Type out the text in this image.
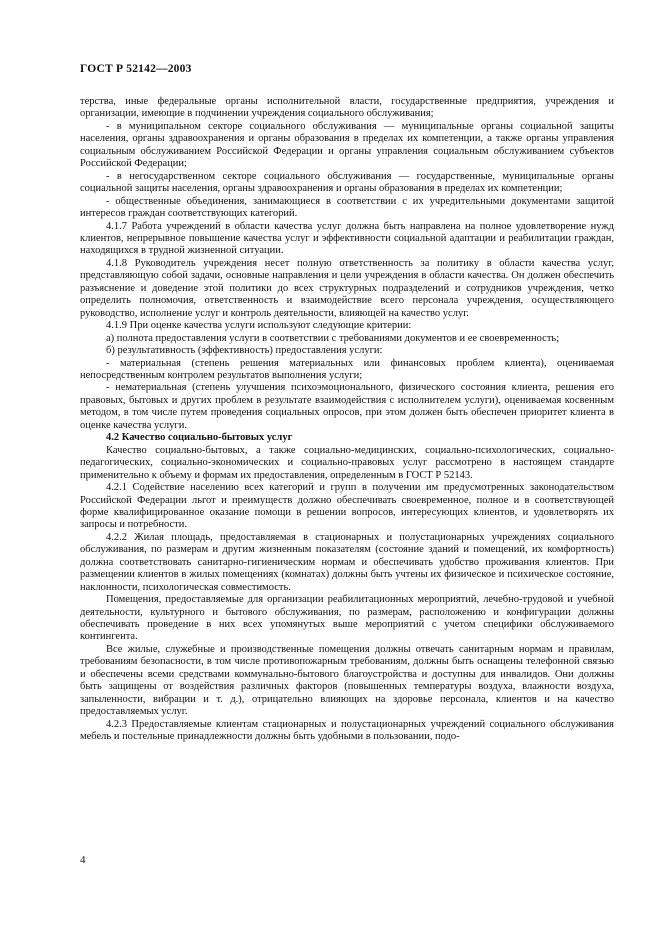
ГОСТ Р 52142—2003

терства, иные федеральные органы исполнительной власти, государственные предприятия, учреждения и организации, имеющие в подчинении учреждения социального обслуживания;

- в муниципальном секторе социального обслуживания — муниципальные органы социальной защиты населения, органы здравоохранения и органы образования в пределах их компетенции, а также органы управления социальным обслуживанием Российской Федерации и органы управления социальным обслуживанием субъектов Российской Федерации;

- в негосударственном секторе социального обслуживания — государственные, муниципальные органы социальной защиты населения, органы здравоохранения и органы образования в пределах их компетенции;

- общественные объединения, занимающиеся в соответствии с их учредительными документами защитой интересов граждан соответствующих категорий.

4.1.7 Работа учреждений в области качества услуг должна быть направлена на полное удовлетворение нужд клиентов, непрерывное повышение качества услуг и эффективности социальной адаптации и реабилитации граждан, находящихся в трудной жизненной ситуации.

4.1.8 Руководитель учреждения несет полную ответственность за политику в области качества услуг, представляющую собой задачи, основные направления и цели учреждения в области качества. Он должен обеспечить разъяснение и доведение этой политики до всех структурных подразделений и сотрудников учреждения, четко определить полномочия, ответственность и взаимодействие всего персонала учреждения, осуществляющего руководство, исполнение услуг и контроль деятельности, влияющей на качество услуг.

4.1.9 При оценке качества услуги используют следующие критерии:

а) полнота предоставления услуги в соответствии с требованиями документов и ее своевременность;

б) результативность (эффективность) предоставления услуги:

- материальная (степень решения материальных или финансовых проблем клиента), оцениваемая непосредственным контролем результатов выполнения услуги;

- нематериальная (степень улучшения психоэмоционального, физического состояния клиента, решения его правовых, бытовых и других проблем в результате взаимодействия с исполнителем услуги), оцениваемая косвенным методом, в том числе путем проведения социальных опросов, при этом должен быть обеспечен приоритет клиента в оценке качества услуги.

4.2 Качество социально-бытовых услуг

Качество социально-бытовых, а также социально-медицинских, социально-психологических, социально-педагогических, социально-экономических и социально-правовых услуг рассмотрено в настоящем стандарте применительно к объему и формам их предоставления, определенным в ГОСТ Р 52143.

4.2.1 Содействие населению всех категорий и групп в получении им предусмотренных законодательством Российской Федерации льгот и преимуществ должно обеспечивать своевременное, полное и в соответствующей форме квалифицированное оказание помощи в решении вопросов, интересующих клиентов, и удовлетворять их запросы и потребности.

4.2.2 Жилая площадь, предоставляемая в стационарных и полустационарных учреждениях социального обслуживания, по размерам и другим жизненным показателям (состояние зданий и помещений, их комфортность) должна соответствовать санитарно-гигиеническим нормам и обеспечивать удобство проживания клиентов. При размещении клиентов в жилых помещениях (комнатах) должны быть учтены их физическое и психическое состояние, наклонности, психологическая совместимость.

Помещения, предоставляемые для организации реабилитационных мероприятий, лечебно-трудовой и учебной деятельности, культурного и бытового обслуживания, по размерам, расположению и конфигурации должны обеспечивать проведение в них всех упомянутых выше мероприятий с учетом специфики обслуживаемого контингента.

Все жилые, служебные и производственные помещения должны отвечать санитарным нормам и правилам, требованиям безопасности, в том числе противопожарным требованиям, должны быть оснащены телефонной связью и обеспечены всеми средствами коммунально-бытового благоустройства и доступны для инвалидов. Они должны быть защищены от воздействия различных факторов (повышенных температуры воздуха, влажности воздуха, запыленности, вибрации и т. д.), отрицательно влияющих на здоровье персонала, клиентов и на качество предоставляемых услуг.

4.2.3 Предоставляемые клиентам стационарных и полустационарных учреждений социального обслуживания мебель и постельные принадлежности должны быть удобными в пользовании, подо-

4
